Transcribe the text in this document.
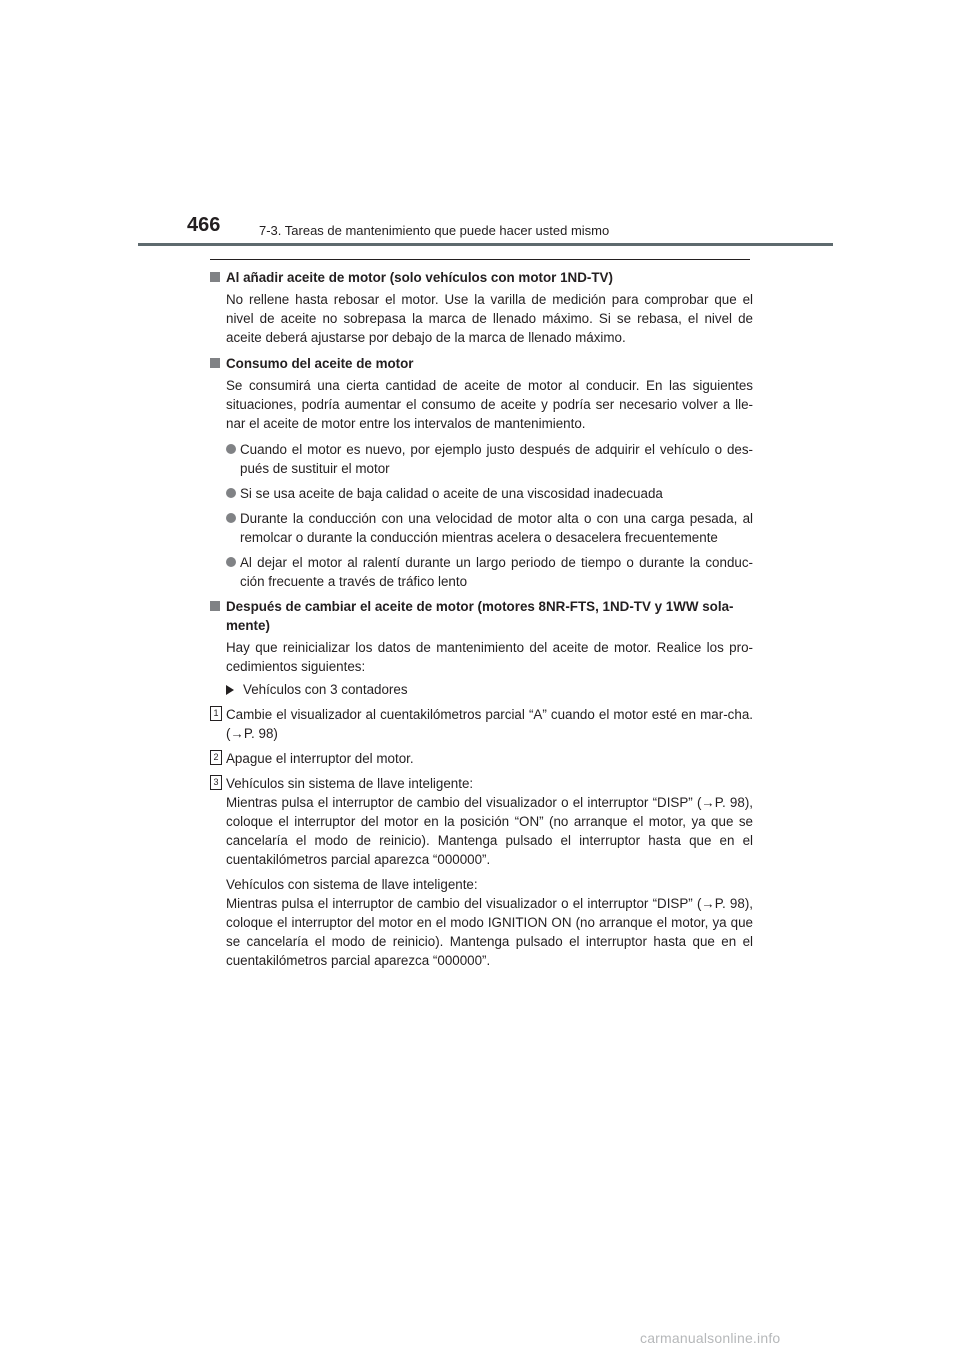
466	7-3. Tareas de mantenimiento que puede hacer usted mismo
Al añadir aceite de motor (solo vehículos con motor 1ND-TV)
No rellene hasta rebosar el motor. Use la varilla de medición para comprobar que el nivel de aceite no sobrepasa la marca de llenado máximo. Si se rebasa, el nivel de aceite deberá ajustarse por debajo de la marca de llenado máximo.
Consumo del aceite de motor
Se consumirá una cierta cantidad de aceite de motor al conducir. En las siguientes situaciones, podría aumentar el consumo de aceite y podría ser necesario volver a lle-nar el aceite de motor entre los intervalos de mantenimiento.
Cuando el motor es nuevo, por ejemplo justo después de adquirir el vehículo o des-pués de sustituir el motor
Si se usa aceite de baja calidad o aceite de una viscosidad inadecuada
Durante la conducción con una velocidad de motor alta o con una carga pesada, al remolcar o durante la conducción mientras acelera o desacelera frecuentemente
Al dejar el motor al ralentí durante un largo periodo de tiempo o durante la conduc-ción frecuente a través de tráfico lento
Después de cambiar el aceite de motor (motores 8NR-FTS, 1ND-TV y 1WW sola-mente)
Hay que reinicializar los datos de mantenimiento del aceite de motor. Realice los pro-cedimientos siguientes:
Vehículos con 3 contadores
1 Cambie el visualizador al cuentakilómetros parcial “A” cuando el motor esté en mar-cha. (→P. 98)
2 Apague el interruptor del motor.
3 Vehículos sin sistema de llave inteligente:
Mientras pulsa el interruptor de cambio del visualizador o el interruptor “DISP” (→P. 98), coloque el interruptor del motor en la posición “ON” (no arranque el motor, ya que se cancelaría el modo de reinicio). Mantenga pulsado el interruptor hasta que en el cuentakilómetros parcial aparezca “000000”.
Vehículos con sistema de llave inteligente:
Mientras pulsa el interruptor de cambio del visualizador o el interruptor “DISP” (→P. 98), coloque el interruptor del motor en el modo IGNITION ON (no arranque el motor, ya que se cancelaría el modo de reinicio). Mantenga pulsado el interruptor hasta que en el cuentakilómetros parcial aparezca “000000”.
carmanualsonline.info
